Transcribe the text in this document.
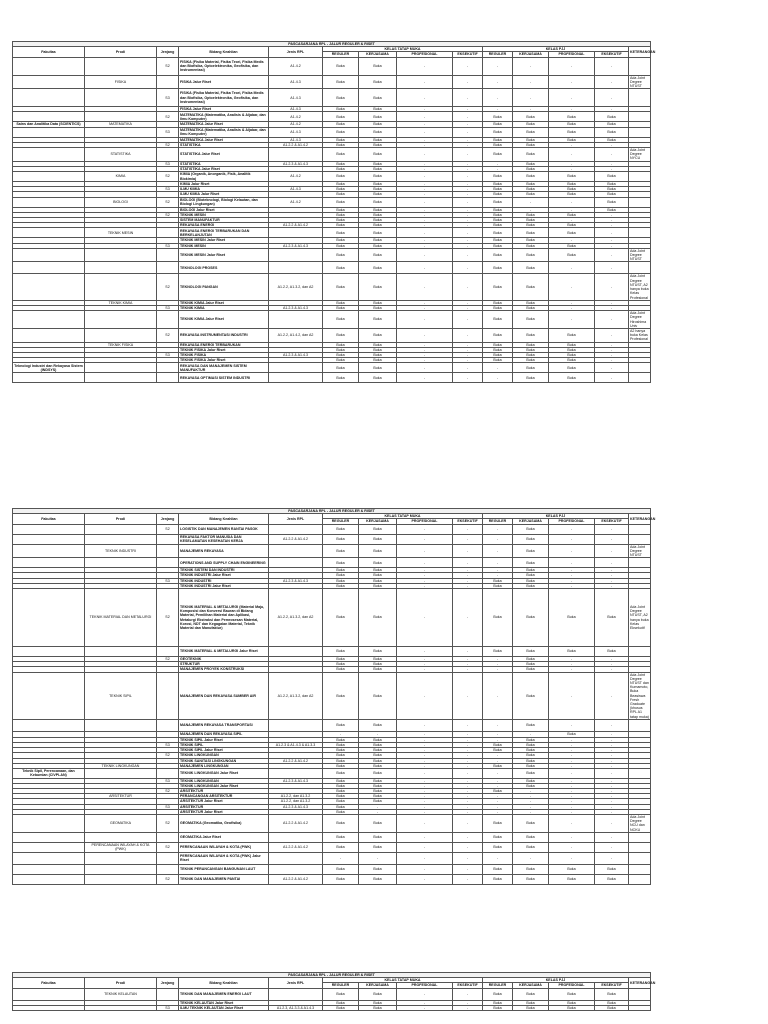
PASCASARJANA RPL - JALUR REGULER & RISET													
Fakultas	Prodi	Jenjang	Bidang Keahlian	Jenis RPL	KELAS TATAP MUKA				KELAS PJJ				KETERANGAN
					REGULER	KERJASAMA	PROFESIONAL	EKSEKUTIF	REGULER	KERJASAMA	PROFESIONAL	EKSEKUTIF	
		S2	FISIKA (Fisika Material, Fisika Teori, Fisika Medis dan Biofisika, Optoelektronika, Geofisika, dan Instrumentasi)	A1.4.2	Buka	Buka	-	-	-	-	-	-	
	FISIKA		FISIKA Jalur Riset	A1.4.3	Buka	Buka	-	-	-	-	-	-	Ada Joint Degree NTUST
		S3	FISIKA (Fisika Material, Fisika Teori, Fisika Medis dan Biofisika, Optoelektronika, Geofisika, dan Instrumentasi)	A1.4.3	Buka	Buka	-	-	-	-	-	-	
			FISIKA Jalur Riset	A1.4.3	Buka	Buka	-	-	-	-	-	-	
		S2	MATEMATIKA (Matematika, Analisis & Aljabar, dan Ilmu Komputer)	A1.4.2	Buka	Buka	-	-	Buka	Buka	Buka	Buka	
Sains dan Analitika Data (SCIENTICS)	MATEMATIKA		MATEMATIKA Jalur Riset	A1.4.2	Buka	Buka	-	-	Buka	Buka	Buka	Buka	
		S3	MATEMATIKA (Matematika, Analisis & Aljabar, dan Ilmu Komputer)	A1.4.3	Buka	Buka	-	-	Buka	Buka	Buka	Buka	
			MATEMATIKA Jalur Riset	A1.4.3	Buka	Buka	-	-	Buka	Buka	Buka	Buka	
		S2	STATISTIKA	A1.2.2 & A1.4.2	Buka	Buka	-	-	Buka	Buka	-	-	
	STATISTIKA		STATISTIKA Jalur Riset		Buka	Buka	-	-	Buka	Buka	-	-	Ada Joint Degree NYCU
		S3	STATISTIKA	A1.2.3 & A1.4.3	Buka	Buka	-	-	-	Buka	-	-	
			STATISTIKA Jalur Riset		Buka	Buka	-	-	-	Buka	-	-	
	KIMIA	S2	KIMIA (Organik, Anorganik, Fisik, Analitik Biokimia)	A1.4.2	Buka	Buka	-	-	Buka	Buka	Buka	Buka	
			KIMIA Jalur Riset		Buka	Buka	-	-	Buka	Buka	Buka	Buka	
		S3	ILMU KIMIA	A1.4.3	Buka	Buka	-	-	Buka	Buka	Buka	Buka	
			ILMU KIMIA Jalur Riset		Buka	Buka	-	-	Buka	Buka	Buka	Buka	
	BIOLOGI	S2	BIOLOGI (Bioteknologi, Biologi Kelautan, dan Biologi Lingkungan)	A1.4.2	Buka	Buka	-	-	Buka	-	-	Buka	
			BIOLOGI Jalur Riset		Buka	Buka	-	-	Buka	-	-	Buka	
		S2	TEKNIK MESIN		Buka	Buka	-	-	Buka	Buka	Buka	-	
			SISTEM MANUFAKTUR		Buka	Buka	-	-	Buka	Buka	-	-	
			REKAYASA ENERGI	A1.2.2 & A1.4.2	Buka	Buka	-	-	Buka	Buka	Buka	-	
	TEKNIK MESIN		REKAYASA ENERGI TERBARUKAN DAN BERKELANJUTAN		Buka	Buka	-	-	Buka	Buka	Buka	-	
			TEKNIK MESIN Jalur Riset		Buka	Buka	-	-	Buka	Buka	-	-	
		S3	TEKNIK MESIN	A1.2.3 & A1.4.3	Buka	Buka	-	-	Buka	Buka	Buka	-	
			TEKNIK MESIN Jalur Riset		Buka	Buka	-	-	Buka	Buka	Buka	-	Ada Joint Degree NTUST
			TEKNOLOGI PROSES		Buka	Buka	-	-	Buka	Buka	-	-	
		S2	TEKNOLOGI PANGAN	A1.2.2, A1.3.2, dan A2	Buka	Buka	-	-	Buka	Buka	-	-	Ada Joint Degree NTUST, A2 hanya buka Kelas Profesional
	TEKNIK KIMIA		TEKNIK KIMIA Jalur Riset		Buka	Buka	-	-	Buka	Buka	-	-	
		S3	TEKNIK KIMIA	A1.2.3 & A1.4.3	Buka	Buka	-	-	Buka	Buka	-	-	
			TEKNIK KIMIA Jalur Riset		Buka	Buka	-	-	Buka	Buka	-	-	Ada Joint Degree Hiroshima Univ
		S2	REKAYASA INSTRUMENTASI INDUSTRI	A1.2.2, A1.4.2, dan A2	Buka	Buka	-	-	Buka	Buka	Buka	-	A2 hanya buka Kelas Profesional
	TEKNIK FISIKA		REKAYASA ENERGI TERBARUKAN		Buka	Buka	-	-	Buka	Buka	Buka	-	
			TEKNIK FISIKA Jalur Riset		Buka	Buka	-	-	Buka	Buka	Buka	-	
		S3	TEKNIK FISIKA	A1.2.3 & A1.4.3	Buka	Buka	-	-	Buka	Buka	Buka	-	
			TEKNIK FISIKA Jalur Riset		Buka	Buka	-	-	Buka	Buka	Buka	-	
Teknologi Industri dan Rekayasa Sistem (INDSYS)			REKAYASA DAN MANAJEMEN SISTEM MANUFAKTUR		Buka	Buka	-	-	-	Buka	Buka	-	
			REKAYASA OPTIMASI SISTEM INDUSTRI		Buka	Buka	-	-	-	Buka	Buka	-	
PASCASARJANA RPL - JALUR REGULER & RISET													
Fakultas	Prodi	Jenjang	Bidang Keahlian	Jenis RPL	KELAS TATAP MUKA				KELAS PJJ				KETERANGAN
					REGULER	KERJASAMA	PROFESIONAL	EKSEKUTIF	REGULER	KERJASAMA	PROFESIONAL	EKSEKUTIF	
		S2	LOGISTIK DAN MANAJEMEN RANTAI PASOK		Buka	Buka	-	-	-	Buka	-	-	
			REKAYASA FAKTOR MANUSIA DAN KESELAMATAN KESEHATAN KERJA	A1.2.2 & A1.4.2	Buka	Buka	-	-	-	Buka	-	-	
	TEKNIK INDUSTRI		MANAJEMEN REKAYASA		Buka	Buka	-	-	-	Buka	-	-	Ada Joint Degree NTUST
			OPERATIONS AND SUPPLY CHAIN ENGINEERING		Buka	Buka	-	-	-	Buka	-	-	
			TEKNIK SISTEM DAN INDUSTRI		Buka	Buka	-	-	-	Buka	-	-	
			TEKNIK INDUSTRI Jalur Riset		Buka	Buka	-	-	-	Buka	-	-	
		S3	TEKNIK INDUSTRI	A1.2.3 & A1.4.3	Buka	Buka	-	-	Buka	Buka	-	-	
			TEKNIK INDUSTRI Jalur Riset		Buka	Buka	-	-	Buka	Buka	-	-	
	TEKNIK MATERIAL DAN METALURGI	S2	TEKNIK MATERIAL & METALURGI (Material Maju, Komposisi dan Konversi Bauran di Bidang Material, Pemilihan Material dan Aplikasi, Metalurgi Ekstraksi dan Pemrosesan Material, Korosi, NDT dan Kegagalan Material, Teknik Material dan Manufaktur)	A1.2.2, A1.3.2, dan A2	Buka	Buka	-	-	Buka	Buka	Buka	Buka	Ada Joint Degree NTUST, A2 hanya buka Kelas Eksekutif
			TEKNIK MATERIAL & METALURGI Jalur Riset		Buka	Buka	-	-	Buka	Buka	Buka	Buka	
		S2	GEOTEKNIK		Buka	Buka	-	-	-	Buka	-	-	
			STRUKTUR		Buka	Buka	-	-	-	Buka	-	-	
			MANAJEMEN PROYEK KONSTRUKSI		Buka	Buka	-	-	-	Buka	-	-	
	TEKNIK SIPIL		MANAJEMEN DAN REKAYASA SUMBER AIR	A1.2.2, A1.3.2, dan A2	Buka	Buka	-	-	-	Buka	-	-	Ada Joint Degree NTUST dan Kumamoto, Buka Beasiswa Fresh Graduate (khusus RPL A1 tatap muka)
			MANAJEMEN REKAYASA TRANSPORTASI		Buka	Buka	-	-	-	Buka	-	-	
			MANAJEMEN DAN REKAYASA SIPIL		-	-	-	-	-	-	Buka	-	
			TEKNIK SIPIL Jalur Riset		Buka	Buka	-	-	-	Buka	-	-	
		S3	TEKNIK SIPIL	A1.2.3 & A1.4.3 & A1.3.3	Buka	Buka	-	-	Buka	Buka	-	-	
			TEKNIK SIPIL Jalur Riset		Buka	Buka	-	-	Buka	Buka	-	-	
		S2	TEKNIK LINGKUNGAN		Buka	Buka	-	-	-	Buka	-	-	
			TEKNIK SANITASI LINGKUNGAN	A1.2.2 & A1.4.2	Buka	Buka	-	-	-	Buka	-	-	
	TEKNIK LINGKUNGAN		MANAJEMEN LINGKUNGAN		Buka	Buka	-	-	Buka	Buka	-	-	
Teknik Sipil, Perencanaan, dan Kebumian (CIVPLAN)			TEKNIK LINGKUNGAN Jalur Riset		Buka	Buka	-	-	-	Buka	-	-	
		S3	TEKNIK LINGKUNGAN	A1.2.3 & A1.4.3	Buka	Buka	-	-	-	Buka	-	-	
			TEKNIK LINGKUNGAN Jalur Riset		Buka	Buka	-	-	-	Buka	-	-	
		S2	ARSITEKTUR		Buka	Buka	-	-	Buka	-	-	-	
	ARSITEKTUR		PERANCANGAN ARSITEKTUR	A1.2.2, dan A1.3.2	Buka	Buka	-	-	-	-	-	-	
			ARSITEKTUR Jalur Riset	A1.2.2, dan A1.3.2	Buka	Buka	-	-	-	-	-	-	
		S3	ARSITEKTUR	A1.2.3 & A1.4.3	Buka	-	-	-	-	-	-	-	
			ARSITEKTUR Jalur Riset		Buka	-	-	-	-	-	-	-	
	GEOMATIKA	S2	GEOMATIKA (Geomatika, Geofisika)	A1.2.2 & A1.4.2	Buka	Buka	-	-	Buka	Buka	-	-	Ada Joint Degree NCU dan NCKU
			GEOMATIKA Jalur Riset		Buka	Buka	-	-	Buka	Buka	-	-	
	PERENCANAAN WILAYAH & KOTA (PWK)	S2	PERENCANAAN WILAYAH & KOTA (PWK)	A1.2.2 & A1.4.2	Buka	Buka	-	-	Buka	Buka	-	-	
			PERENCANAAN WILAYAH & KOTA (PWK) Jalur Riset		-	-	-	-	-	-	-	-	
			TEKNIK PERANCANGAN BANGUNAN LAUT		Buka	Buka	-	-	Buka	Buka	Buka	Buka	
		S2	TEKNIK DAN MANAJEMEN PANTAI	A1.2.2 & A1.4.2	Buka	Buka	-	-	Buka	Buka	Buka	Buka	
PASCASARJANA RPL - JALUR REGULER & RISET													
Fakultas	Prodi	Jenjang	Bidang Keahlian	Jenis RPL	KELAS TATAP MUKA				KELAS PJJ				KETERANGAN
					REGULER	KERJASAMA	PROFESIONAL	EKSEKUTIF	REGULER	KERJASAMA	PROFESIONAL	EKSEKUTIF	
	TEKNIK KELAUTAN		TEKNIK DAN MANAJEMEN ENERGI LAUT		Buka	Buka	-	-	Buka	Buka	Buka	Buka	
			TEKNIK KELAUTAN Jalur Riset		Buka	Buka	-	-	Buka	Buka	Buka	Buka	
		S3	ILMU TEKNIK KELAUTAN Jalur Riset	A1.2.3, A1.3.3 & A1.4.3	Buka	Buka	-	-	Buka	Buka	Buka	Buka	
